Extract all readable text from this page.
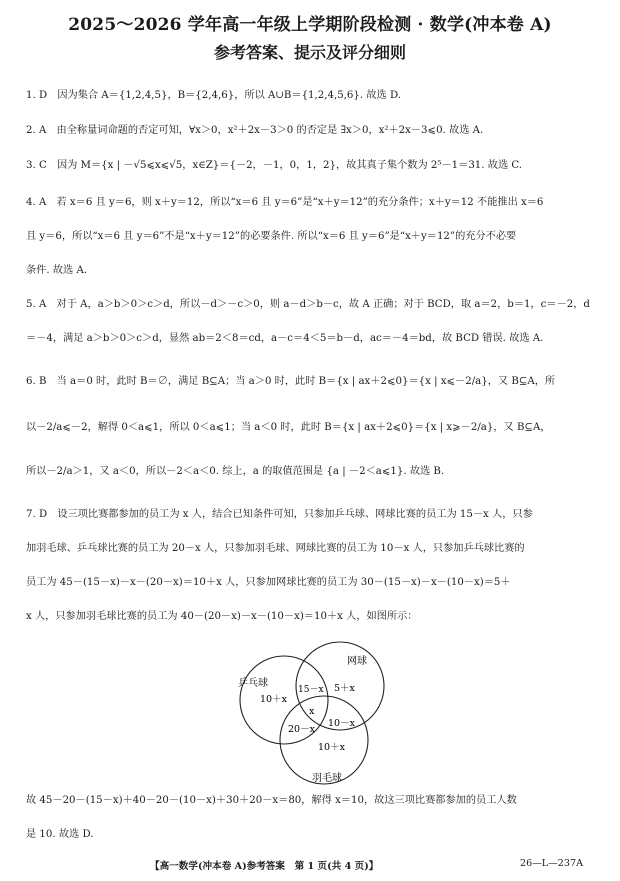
2025～2026 学年高一年级上学期阶段检测 · 数学(冲本卷 A)
参考答案、提示及评分细则
1. D　因为集合 A＝{1,2,4,5}，B＝{2,4,6}，所以 A∪B＝{1,2,4,5,6}. 故选 D.
2. A　由全称量词命题的否定可知，∀x＞0，x²＋2x－3＞0 的否定是 ∃x＞0，x²＋2x－3⩽0. 故选 A.
3. C　因为 M＝{x | －√5⩽x⩽√5，x∈Z}＝{－2，－1，0，1，2}，故其真子集个数为 2⁵－1＝31. 故选 C.
4. A　若 x＝6 且 y＝6，则 x＋y＝12，所以“x＝6 且 y＝6”是“x＋y＝12”的充分条件；x＋y＝12 不能推出 x＝6
且 y＝6，所以“x＝6 且 y＝6”不是“x＋y＝12”的必要条件. 所以“x＝6 且 y＝6”是“x＋y＝12”的充分不必要
条件. 故选 A.
5. A　对于 A，a＞b＞0＞c＞d，所以－d＞－c＞0，则 a－d＞b－c，故 A 正确；对于 BCD，取 a＝2，b＝1，c＝－2，d
＝－4，满足 a＞b＞0＞c＞d，显然 ab＝2＜8＝cd，a－c＝4＜5＝b－d，ac＝－4＝bd，故 BCD 错误. 故选 A.
6. B　当 a＝0 时，此时 B＝∅，满足 B⊆A；当 a＞0 时，此时 B＝{x | ax＋2⩽0}＝{x | x⩽－2/a}，又 B⊆A，所
以－2/a⩽－2，解得 0＜a⩽1，所以 0＜a⩽1；当 a＜0 时，此时 B＝{x | ax＋2⩽0}＝{x | x⩾－2/a}，又 B⊆A，
所以－2/a＞1，又 a＜0，所以－2＜a＜0. 综上，a 的取值范围是 {a | －2＜a⩽1}. 故选 B.
7. D　设三项比赛都参加的员工为 x 人，结合已知条件可知，只参加乒乓球、网球比赛的员工为 15－x 人，只参
加羽毛球、乒乓球比赛的员工为 20－x 人，只参加羽毛球、网球比赛的员工为 10－x 人，只参加乒乓球比赛的
员工为 45－(15－x)－x－(20－x)＝10＋x 人，只参加网球比赛的员工为 30－(15－x)－x－(10－x)＝5＋
x 人，只参加羽毛球比赛的员工为 40－(20－x)－x－(10－x)＝10＋x 人，如图所示：
乒乓球
网球
羽毛球
10＋x
5＋x
15－x
x
10－x
20－x
10＋x
故 45－20－(15－x)＋40－20－(10－x)＋30＋20－x＝80，解得 x＝10，故这三项比赛都参加的员工人数
是 10. 故选 D.
【高一数学(冲本卷 A)参考答案　第 1 页(共 4 页)】	26—L—237A
